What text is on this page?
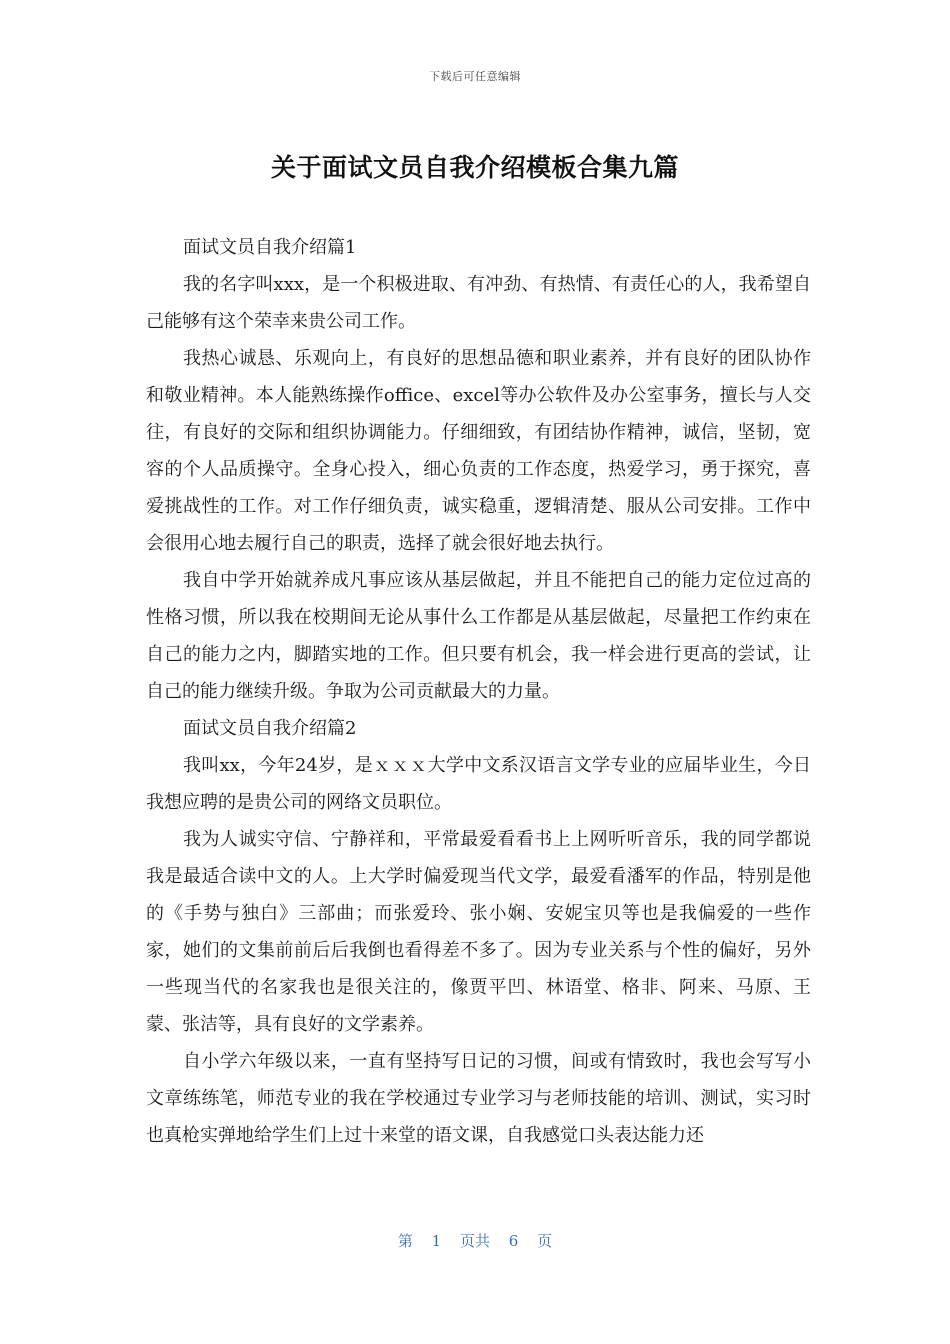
下载后可任意编辑
关于面试文员自我介绍模板合集九篇

面试文员自我介绍篇1

我的名字叫xxx，是一个积极进取、有冲劲、有热情、有责任心的人，我希望自己能够有这个荣幸来贵公司工作。

我热心诚恳、乐观向上，有良好的思想品德和职业素养，并有良好的团队协作和敬业精神。本人能熟练操作office、excel等办公软件及办公室事务，擅长与人交往，有良好的交际和组织协调能力。仔细细致，有团结协作精神，诚信，坚韧，宽容的个人品质操守。全身心投入，细心负责的工作态度，热爱学习，勇于探究，喜爱挑战性的工作。对工作仔细负责，诚实稳重，逻辑清楚、服从公司安排。工作中会很用心地去履行自己的职责，选择了就会很好地去执行。

我自中学开始就养成凡事应该从基层做起，并且不能把自己的能力定位过高的性格习惯，所以我在校期间无论从事什么工作都是从基层做起，尽量把工作约束在自己的能力之内，脚踏实地的工作。但只要有机会，我一样会进行更高的尝试，让自己的能力继续升级。争取为公司贡献最大的力量。

面试文员自我介绍篇2

我叫xx，今年24岁，是ｘｘｘ大学中文系汉语言文学专业的应届毕业生，今日我想应聘的是贵公司的网络文员职位。

我为人诚实守信、宁静祥和，平常最爱看看书上上网听听音乐，我的同学都说我是最适合读中文的人。上大学时偏爱现当代文学，最爱看潘军的作品，特别是他的《手势与独白》三部曲；而张爱玲、张小娴、安妮宝贝等也是我偏爱的一些作家，她们的文集前前后后我倒也看得差不多了。因为专业关系与个性的偏好，另外一些现当代的名家我也是很关注的，像贾平凹、林语堂、格非、阿来、马原、王蒙、张洁等，具有良好的文学素养。

自小学六年级以来，一直有坚持写日记的习惯，间或有情致时，我也会写写小文章练练笔，师范专业的我在学校通过专业学习与老师技能的培训、测试，实习时也真枪实弹地给学生们上过十来堂的语文课，自我感觉口头表达能力还

第 1 页共 6 页
